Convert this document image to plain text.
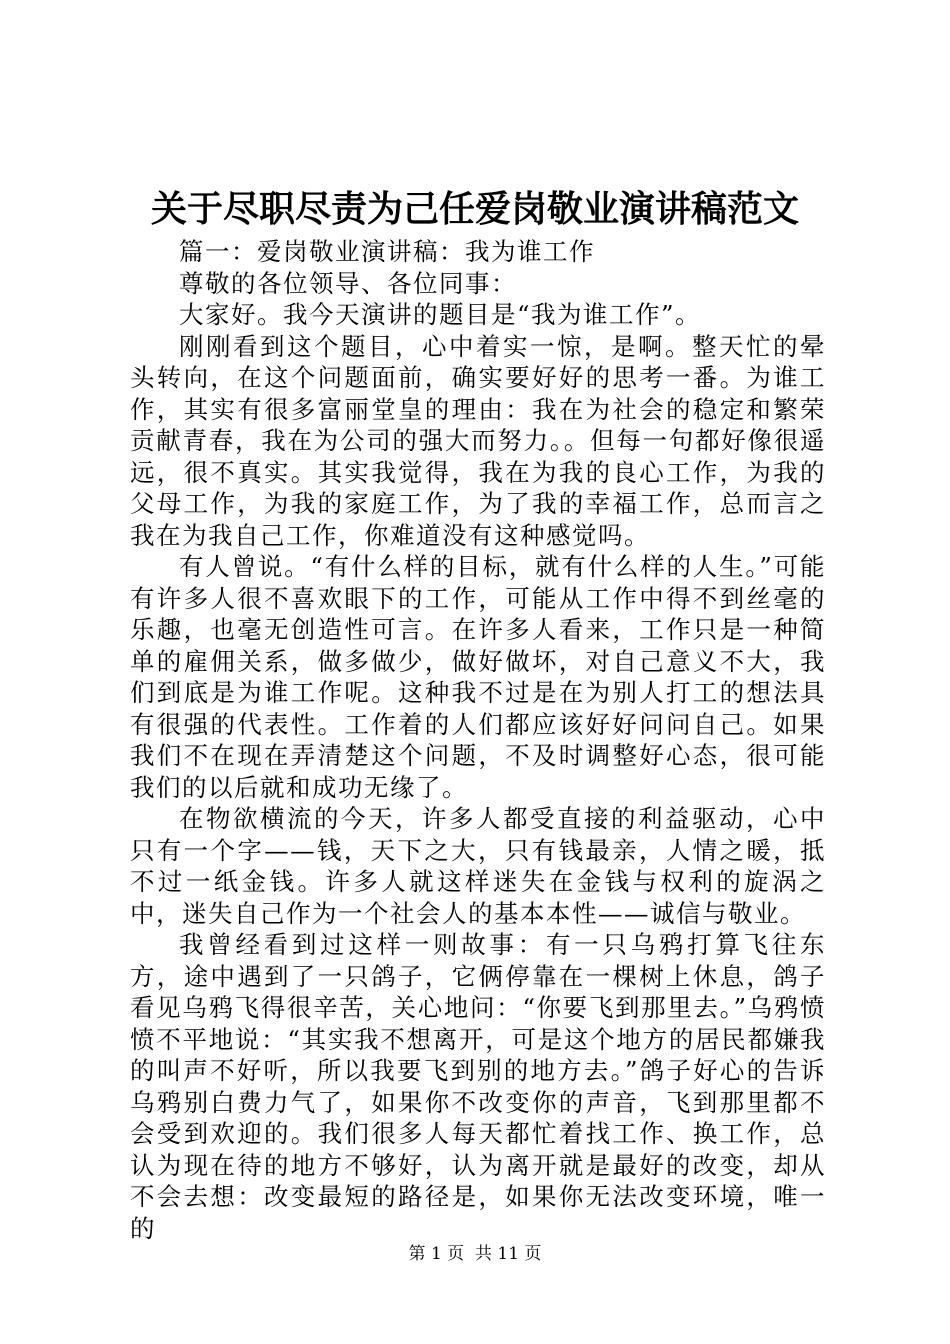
关于尽职尽责为己任爱岗敬业演讲稿范文

篇一：爱岗敬业演讲稿：我为谁工作

尊敬的各位领导、各位同事：

大家好。我今天演讲的题目是“我为谁工作”。

刚刚看到这个题目，心中着实一惊，是啊。整天忙的晕头转向，在这个问题面前，确实要好好的思考一番。为谁工作，其实有很多富丽堂皇的理由：我在为社会的稳定和繁荣贡献青春，我在为公司的强大而努力。。但每一句都好像很遥远，很不真实。其实我觉得，我在为我的良心工作，为我的父母工作，为我的家庭工作，为了我的幸福工作，总而言之我在为我自己工作，你难道没有这种感觉吗。

有人曾说。“有什么样的目标，就有什么样的人生。”可能有许多人很不喜欢眼下的工作，可能从工作中得不到丝毫的乐趣，也毫无创造性可言。在许多人看来，工作只是一种简单的雇佣关系，做多做少，做好做坏，对自己意义不大，我们到底是为谁工作呢。这种我不过是在为别人打工的想法具有很强的代表性。工作着的人们都应该好好问问自己。如果我们不在现在弄清楚这个问题，不及时调整好心态，很可能我们的以后就和成功无缘了。

在物欲横流的今天，许多人都受直接的利益驱动，心中只有一个字——钱，天下之大，只有钱最亲，人情之暖，抵不过一纸金钱。许多人就这样迷失在金钱与权利的旋涡之中，迷失自己作为一个社会人的基本本性——诚信与敬业。

我曾经看到过这样一则故事：有一只乌鸦打算飞往东方，途中遇到了一只鸽子，它俩停靠在一棵树上休息，鸽子看见乌鸦飞得很辛苦，关心地问：“你要飞到那里去。”乌鸦愤愤不平地说：“其实我不想离开，可是这个地方的居民都嫌我的叫声不好听，所以我要飞到别的地方去。”鸽子好心的告诉乌鸦别白费力气了，如果你不改变你的声音，飞到那里都不会受到欢迎的。我们很多人每天都忙着找工作、换工作，总认为现在待的地方不够好，认为离开就是最好的改变，却从不会去想：改变最短的路径是，如果你无法改变环境，唯一的

第 1 页 共 11 页
